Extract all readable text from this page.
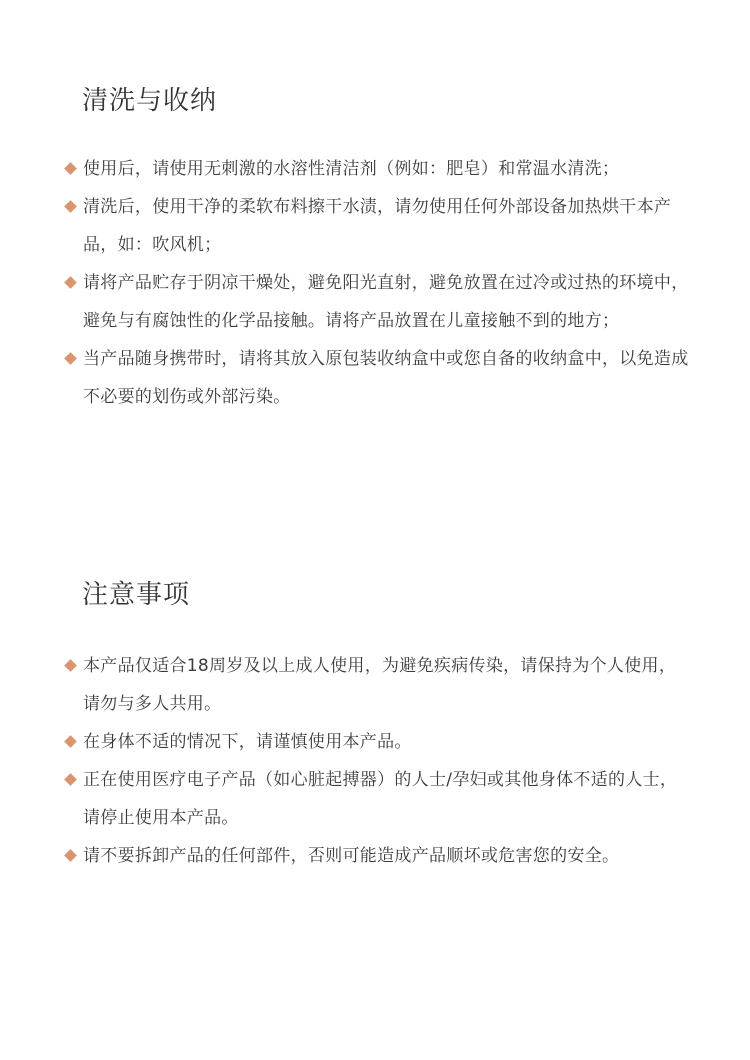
清洗与收纳
使用后，请使用无刺激的水溶性清洁剂（例如：肥皂）和常温水清洗；
清洗后，使用干净的柔软布料擦干水渍，请勿使用任何外部设备加热烘干本产品，如：吹风机；
请将产品贮存于阴凉干燥处，避免阳光直射，避免放置在过冷或过热的环境中，避免与有腐蚀性的化学品接触。请将产品放置在儿童接触不到的地方；
当产品随身携带时，请将其放入原包装收纳盒中或您自备的收纳盒中，以免造成不必要的划伤或外部污染。
注意事项
本产品仅适合18周岁及以上成人使用，为避免疾病传染，请保持为个人使用，请勿与多人共用。
在身体不适的情况下，请谨慎使用本产品。
正在使用医疗电子产品（如心脏起搏器）的人士/孕妇或其他身体不适的人士，请停止使用本产品。
请不要拆卸产品的任何部件，否则可能造成产品顺坏或危害您的安全。
